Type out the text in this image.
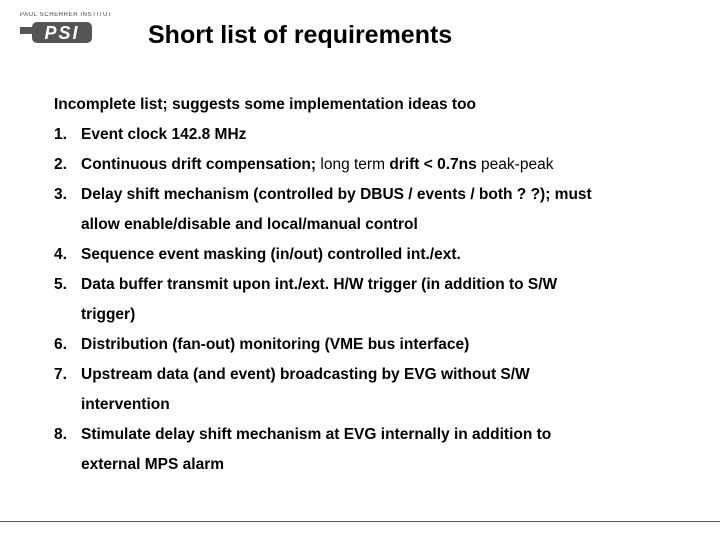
PAUL SCHERRER INSTITUT
PSI	Short list of requirements
Incomplete list; suggests some implementation ideas too
1. Event clock 142.8 MHz
2. Continuous drift compensation; long term drift < 0.7ns peak-peak
3. Delay shift mechanism (controlled by DBUS / events / both ? ?); must
allow enable/disable and local/manual control
4. Sequence event masking (in/out) controlled int./ext.
5. Data buffer transmit upon int./ext. H/W trigger (in addition to S/W
trigger)
6. Distribution (fan-out) monitoring (VME bus interface)
7. Upstream data (and event) broadcasting by EVG without S/W
intervention
8. Stimulate delay shift mechanism at EVG internally in addition to
external MPS alarm
